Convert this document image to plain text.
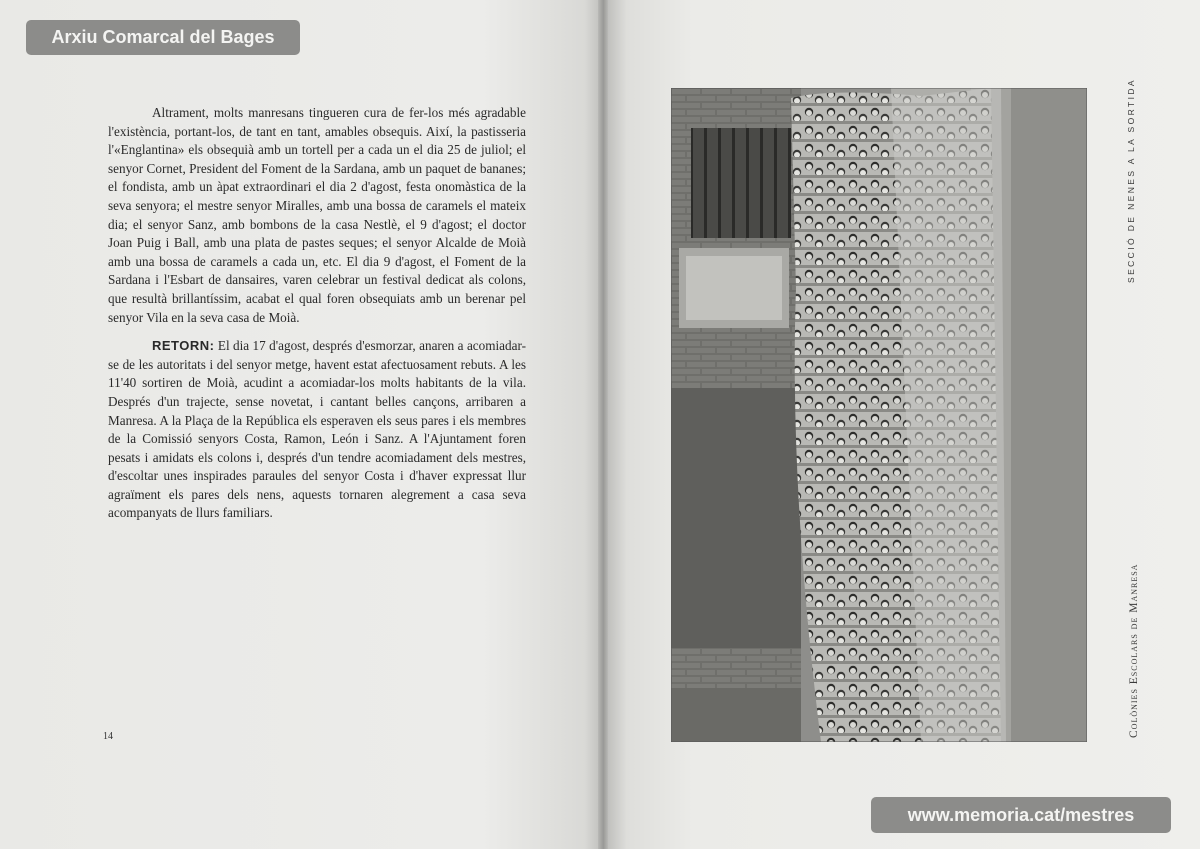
Altrament, molts manresans tingueren cura de fer-los més agradable l'existència, portant-los, de tant en tant, amables obsequis. Així, la pastisseria l'«Englantina» els obsequià amb un tortell per a cada un el dia 25 de juliol; el senyor Cornet, President del Foment de la Sardana, amb un paquet de bananes; el fondista, amb un àpat extraordinari el dia 2 d'agost, festa onomàstica de la seva senyora; el mestre senyor Miralles, amb una bossa de caramels el mateix dia; el senyor Sanz, amb bombons de la casa Nestlè, el 9 d'agost; el doctor Joan Puig i Ball, amb una plata de pastes seques; el senyor Alcalde de Moià amb una bossa de caramels a cada un, etc. El dia 9 d'agost, el Foment de la Sardana i l'Esbart de dansaires, varen celebrar un festival dedicat als colons, que resultà brillantíssim, acabat el qual foren obsequiats amb un berenar pel senyor Vila en la seva casa de Moià.

RETORN: El dia 17 d'agost, després d'esmorzar, anaren a acomiadar-se de les autoritats i del senyor metge, havent estat afectuosament rebuts. A les 11'40 sortiren de Moià, acudint a acomiadar-los molts habitants de la vila. Després d'un trajecte, sense novetat, i cantant belles cançons, arribaren a Manresa. A la Plaça de la República els esperaven els seus pares i els membres de la Comissió senyors Costa, Ramon, León i Sanz. A l'Ajuntament foren pesats i amidats els colons i, després d'un tendre acomiadament dels mestres, d'escoltar unes inspirades paraules del senyor Costa i d'haver expressat llur agraïment els pares dels nens, aquests tornaren alegrement a casa seva acompanyats de llurs familiars.

14
SECCIÓ DE NENES A LA SORTIDA
Colònies Escolars de Manresa
Arxiu Comarcal del Bages
www.memoria.cat/mestres
